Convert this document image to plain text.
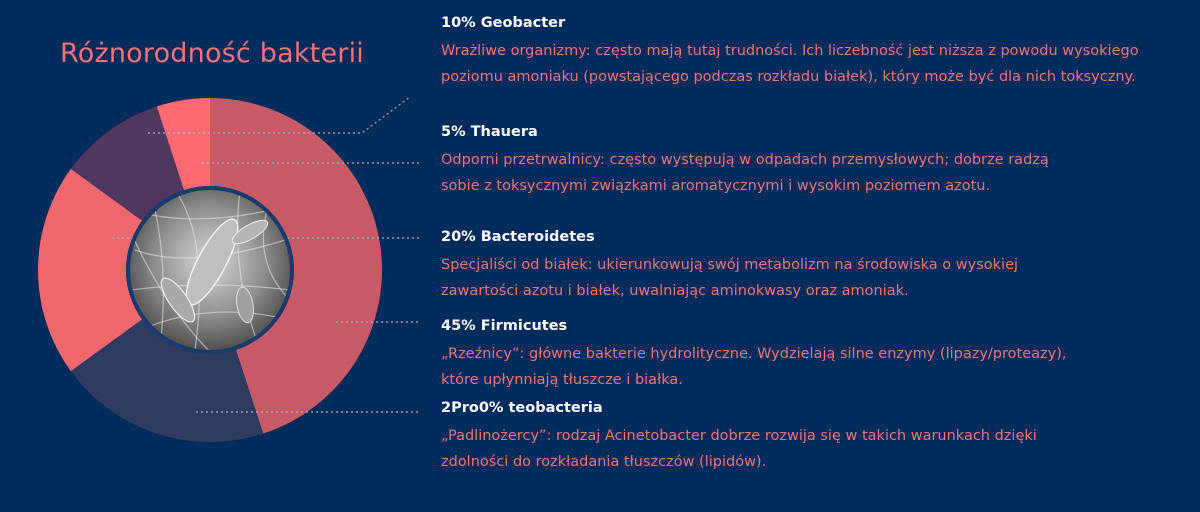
Różnorodność bakterii
10% Geobacter
Wrażliwe organizmy: często mają tutaj trudności. Ich liczebność jest niższa z powodu wysokiego
poziomu amoniaku (powstającego podczas rozkładu białek), który może być dla nich toksyczny.
5% Thauera
Odporni przetrwalnicy: często występują w odpadach przemysłowych; dobrze radzą
sobie z toksycznymi związkami aromatycznymi i wysokim poziomem azotu.
20% Bacteroidetes
Specjaliści od białek: ukierunkowują swój metabolizm na środowiska o wysokiej
zawartości azotu i białek, uwalniając aminokwasy oraz amoniak.
45% Firmicutes
„Rzeźnicy”: główne bakterie hydrolityczne. Wydzielają silne enzymy (lipazy/proteazy),
które upłynniają tłuszcze i białka.
2Pro0% teobacteria
„Padlinożercy”: rodzaj Acinetobacter dobrze rozwija się w takich warunkach dzięki
zdolności do rozkładania tłuszczów (lipidów).
